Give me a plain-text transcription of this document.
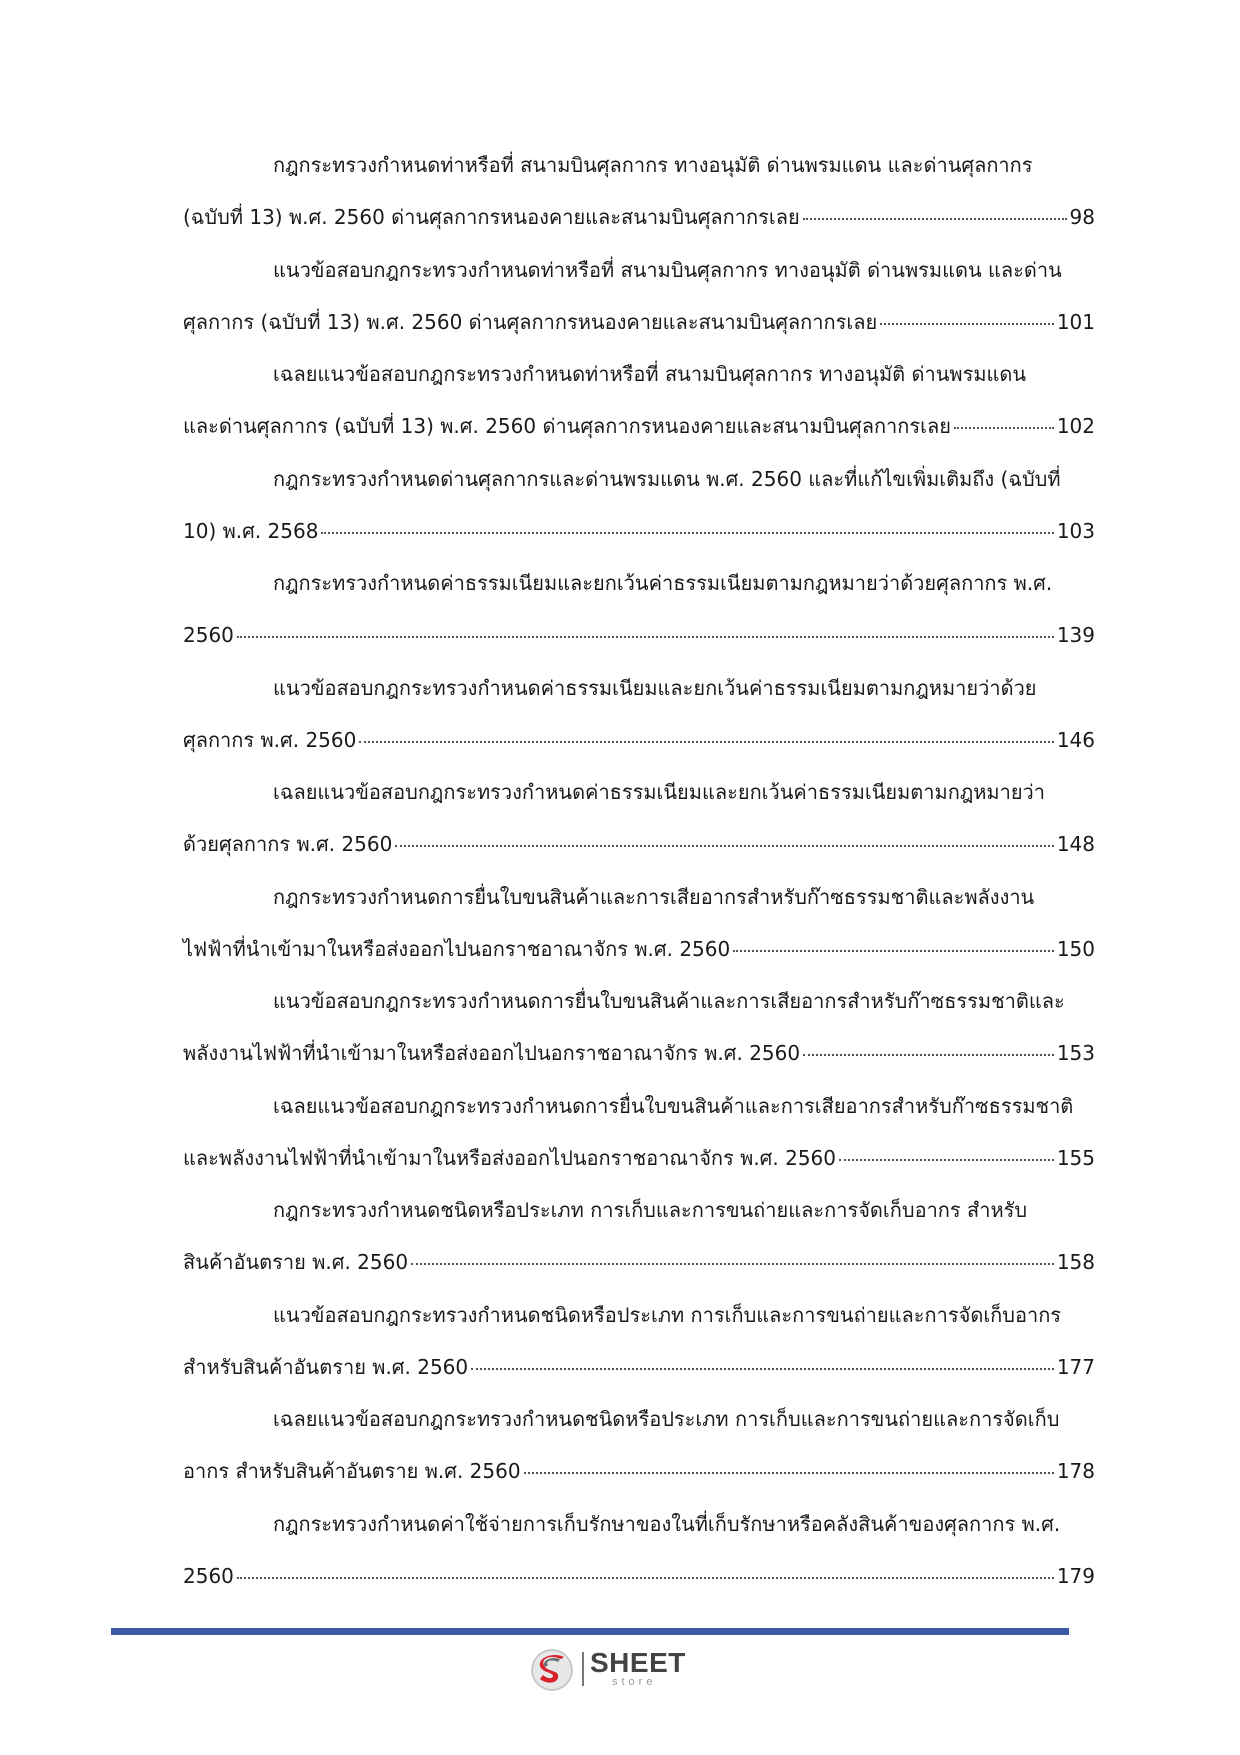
กฎกระทรวงกำหนดท่าหรือที่ สนามบินศุลกากร ทางอนุมัติ ด่านพรมแดน และด่านศุลกากร
(ฉบับที่ 13) พ.ศ. 2560 ด่านศุลกากรหนองคายและสนามบินศุลกากรเลย	98
แนวข้อสอบกฎกระทรวงกำหนดท่าหรือที่ สนามบินศุลกากร ทางอนุมัติ ด่านพรมแดน และด่าน
ศุลกากร (ฉบับที่ 13) พ.ศ. 2560 ด่านศุลกากรหนองคายและสนามบินศุลกากรเลย	101
เฉลยแนวข้อสอบกฎกระทรวงกำหนดท่าหรือที่ สนามบินศุลกากร ทางอนุมัติ ด่านพรมแดน
และด่านศุลกากร (ฉบับที่ 13) พ.ศ. 2560 ด่านศุลกากรหนองคายและสนามบินศุลกากรเลย	102
กฎกระทรวงกำหนดด่านศุลกากรและด่านพรมแดน พ.ศ. 2560 และที่แก้ไขเพิ่มเติมถึง (ฉบับที่
10) พ.ศ. 2568	103
กฎกระทรวงกำหนดค่าธรรมเนียมและยกเว้นค่าธรรมเนียมตามกฎหมายว่าด้วยศุลกากร พ.ศ.
2560	139
แนวข้อสอบกฎกระทรวงกำหนดค่าธรรมเนียมและยกเว้นค่าธรรมเนียมตามกฎหมายว่าด้วย
ศุลกากร พ.ศ. 2560	146
เฉลยแนวข้อสอบกฎกระทรวงกำหนดค่าธรรมเนียมและยกเว้นค่าธรรมเนียมตามกฎหมายว่า
ด้วยศุลกากร พ.ศ. 2560	148
กฎกระทรวงกำหนดการยื่นใบขนสินค้าและการเสียอากรสำหรับก๊าซธรรมชาติและพลังงาน
ไฟฟ้าที่นำเข้ามาในหรือส่งออกไปนอกราชอาณาจักร พ.ศ. 2560	150
แนวข้อสอบกฎกระทรวงกำหนดการยื่นใบขนสินค้าและการเสียอากรสำหรับก๊าซธรรมชาติและ
พลังงานไฟฟ้าที่นำเข้ามาในหรือส่งออกไปนอกราชอาณาจักร พ.ศ. 2560	153
เฉลยแนวข้อสอบกฎกระทรวงกำหนดการยื่นใบขนสินค้าและการเสียอากรสำหรับก๊าซธรรมชาติ
และพลังงานไฟฟ้าที่นำเข้ามาในหรือส่งออกไปนอกราชอาณาจักร พ.ศ. 2560	155
กฎกระทรวงกำหนดชนิดหรือประเภท การเก็บและการขนถ่ายและการจัดเก็บอากร สำหรับ
สินค้าอันตราย พ.ศ. 2560	158
แนวข้อสอบกฎกระทรวงกำหนดชนิดหรือประเภท การเก็บและการขนถ่ายและการจัดเก็บอากร
สำหรับสินค้าอันตราย พ.ศ. 2560	177
เฉลยแนวข้อสอบกฎกระทรวงกำหนดชนิดหรือประเภท การเก็บและการขนถ่ายและการจัดเก็บ
อากร สำหรับสินค้าอันตราย พ.ศ. 2560	178
กฎกระทรวงกำหนดค่าใช้จ่ายการเก็บรักษาของในที่เก็บรักษาหรือคลังสินค้าของศุลกากร พ.ศ.
2560	179
SHEET
store
